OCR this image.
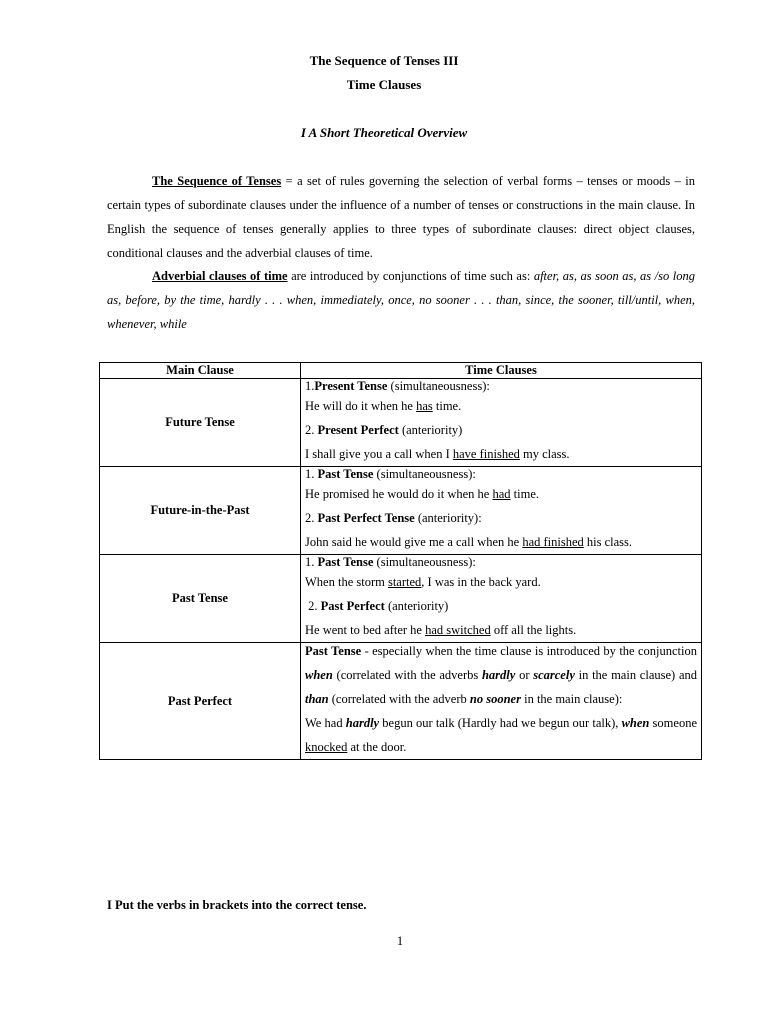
The Sequence of Tenses III
Time Clauses
I A Short Theoretical Overview
The Sequence of Tenses = a set of rules governing the selection of verbal forms – tenses or moods – in certain types of subordinate clauses under the influence of a number of tenses or constructions in the main clause. In English the sequence of tenses generally applies to three types of subordinate clauses: direct object clauses, conditional clauses and the adverbial clauses of time.
Adverbial clauses of time are introduced by conjunctions of time such as: after, as, as soon as, as /so long as, before, by the time, hardly . . . when, immediately, once, no sooner . . . than, since, the sooner, till/until, when, whenever, while
Main Clause	Time Clauses
Future Tense	1.Present Tense (simultaneousness):
He will do it when he has time.
2. Present Perfect (anteriority)
I shall give you a call when I have finished my class.

Future-in-the-Past	1. Past Tense (simultaneousness):
He promised he would do it when he had time.
2. Past Perfect Tense (anteriority):
John said he would give me a call when he had finished his class.

Past Tense	1. Past Tense (simultaneousness):
When the storm started, I was in the back yard.
2. Past Perfect (anteriority)
He went to bed after he had switched off all the lights.

Past Perfect	Past Tense - especially when the time clause is introduced by the conjunction when (correlated with the adverbs hardly or scarcely in the main clause) and than (correlated with the adverb no sooner in the main clause):
We had hardly begun our talk (Hardly had we begun our talk), when someone knocked at the door.
I Put the verbs in brackets into the correct tense.
1
